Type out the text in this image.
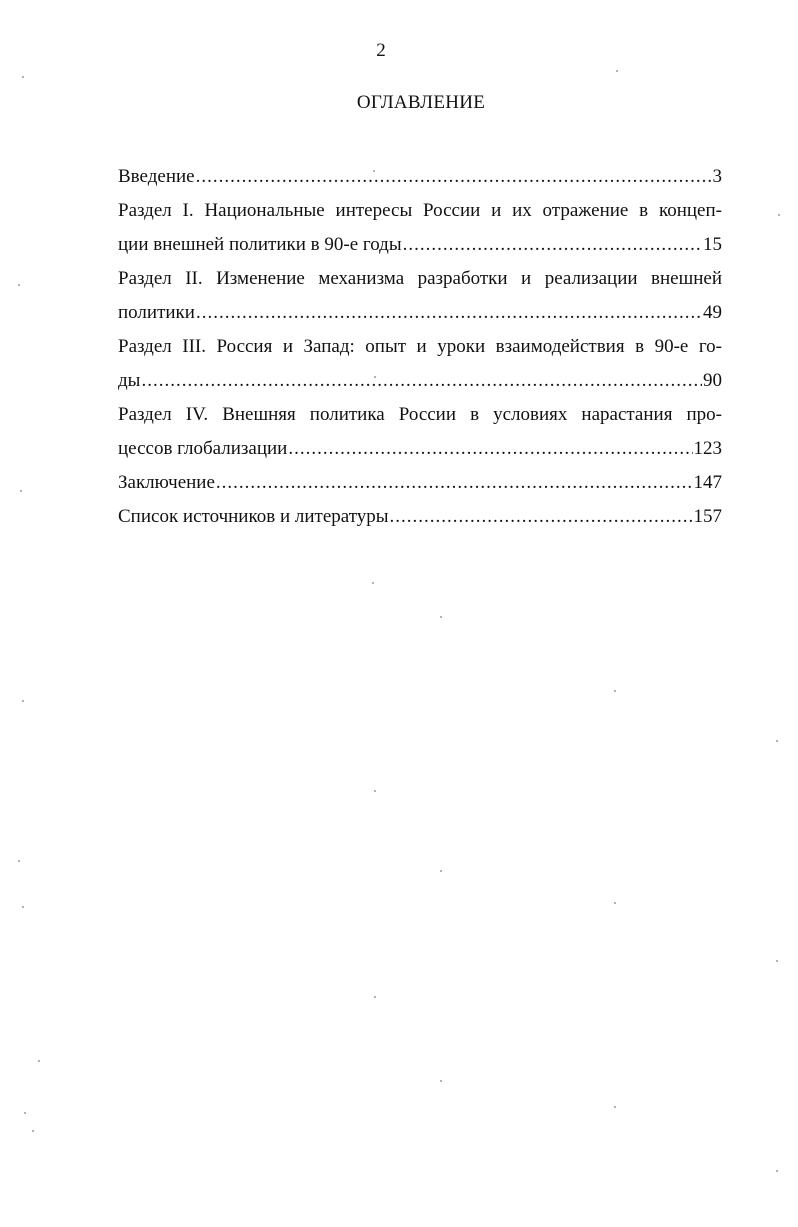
2
ОГЛАВЛЕНИЕ
Введение .....	3
Раздел I. Национальные интересы России и их отражение в концеп-
ции внешней политики в 90-е годы .....	15
Раздел II. Изменение механизма разработки и реализации внешней
политики .....	49
Раздел III. Россия и Запад: опыт и уроки взаимодействия в 90-е го-
ды .....	90
Раздел IV. Внешняя политика России в условиях нарастания про-
цессов глобализации .....	123
Заключение .....	147
Список источников и литературы .....	157
